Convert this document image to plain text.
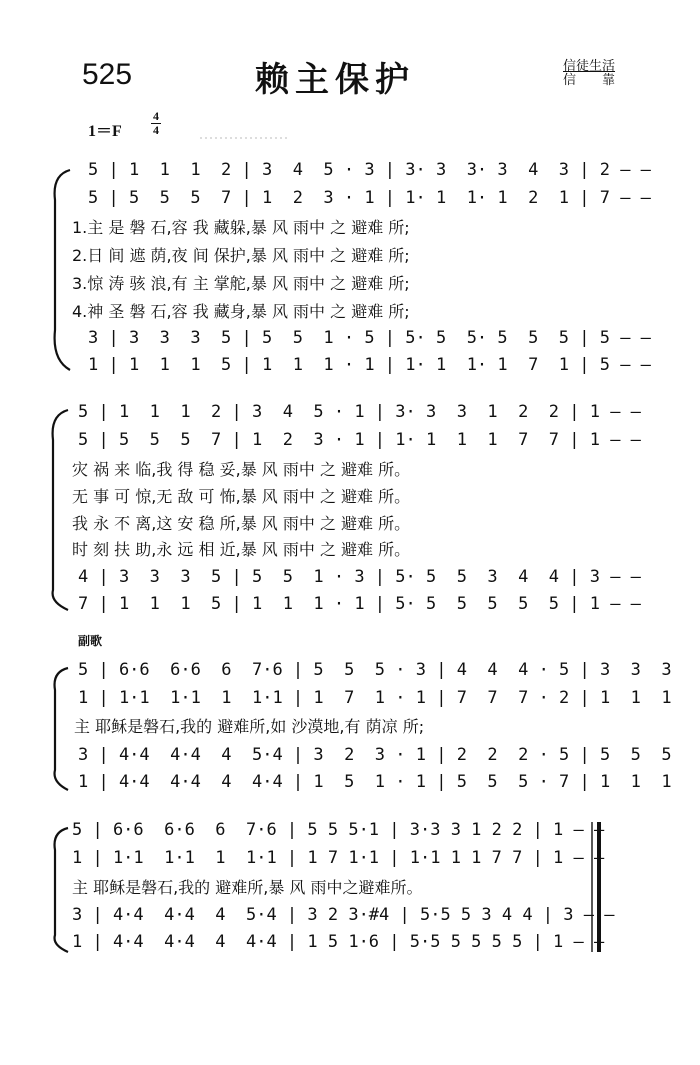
525	赖主保护	信徒生活
信　　靠
1＝F
4
4
副歌
5 | 1  1  1  2 | 3  4  5 · 3 | 3· 3  3· 3  4  3 | 2 – –
5 | 5  5  5  7 | 1  2  3 · 1 | 1· 1  1· 1  2  1 | 7 – –
1.主 是 磐 石,容 我 藏躲,暴 风 雨中 之 避难 所;
2.日 间 遮 荫,夜 间 保护,暴 风 雨中 之 避难 所;
3.惊 涛 骇 浪,有 主 掌舵,暴 风 雨中 之 避难 所;
4.神 圣 磐 石,容 我 藏身,暴 风 雨中 之 避难 所;
3 | 3  3  3  5 | 5  5  1 · 5 | 5· 5  5· 5  5  5 | 5 – –
1 | 1  1  1  5 | 1  1  1 · 1 | 1· 1  1· 1  7  1 | 5 – –
5 | 1  1  1  2 | 3  4  5 · 1 | 3· 3  3  1  2  2 | 1 – –
5 | 5  5  5  7 | 1  2  3 · 1 | 1· 1  1  1  7  7 | 1 – –
灾 祸 来 临,我 得 稳 妥,暴 风 雨中 之 避难 所。
无 事 可 惊,无 敌 可 怖,暴 风 雨中 之 避难 所。
我 永 不 离,这 安 稳 所,暴 风 雨中 之 避难 所。
时 刻 扶 助,永 远 相 近,暴 风 雨中 之 避难 所。
4 | 3  3  3  5 | 5  5  1 · 3 | 5· 5  5  3  4  4 | 3 – –
7 | 1  1  1  5 | 1  1  1 · 1 | 5· 5  5  5  5  5 | 1 – –
5 | 6·6  6·6  6  7·6 | 5  5  5 · 3 | 4  4  4 · 5 | 3  3  3
1 | 1·1  1·1  1  1·1 | 1  7  1 · 1 | 7  7  7 · 2 | 1  1  1
主 耶稣是磐石,我的 避难所,如 沙漠地,有 荫凉 所;
3 | 4·4  4·4  4  5·4 | 3  2  3 · 1 | 2  2  2 · 5 | 5  5  5
1 | 4·4  4·4  4  4·4 | 1  5  1 · 1 | 5  5  5 · 7 | 1  1  1
5 | 6·6  6·6  6  7·6 | 5 5 5·1 | 3·3 3 1 2 2 | 1 – –
1 | 1·1  1·1  1  1·1 | 1 7 1·1 | 1·1 1 1 7 7 | 1 – –
主 耶稣是磐石,我的 避难所,暴 风 雨中之避难所。
3 | 4·4  4·4  4  5·4 | 3 2 3·#4 | 5·5 5 3 4 4 | 3 – –
1 | 4·4  4·4  4  4·4 | 1 5 1·6 | 5·5 5 5 5 5 | 1 – –
